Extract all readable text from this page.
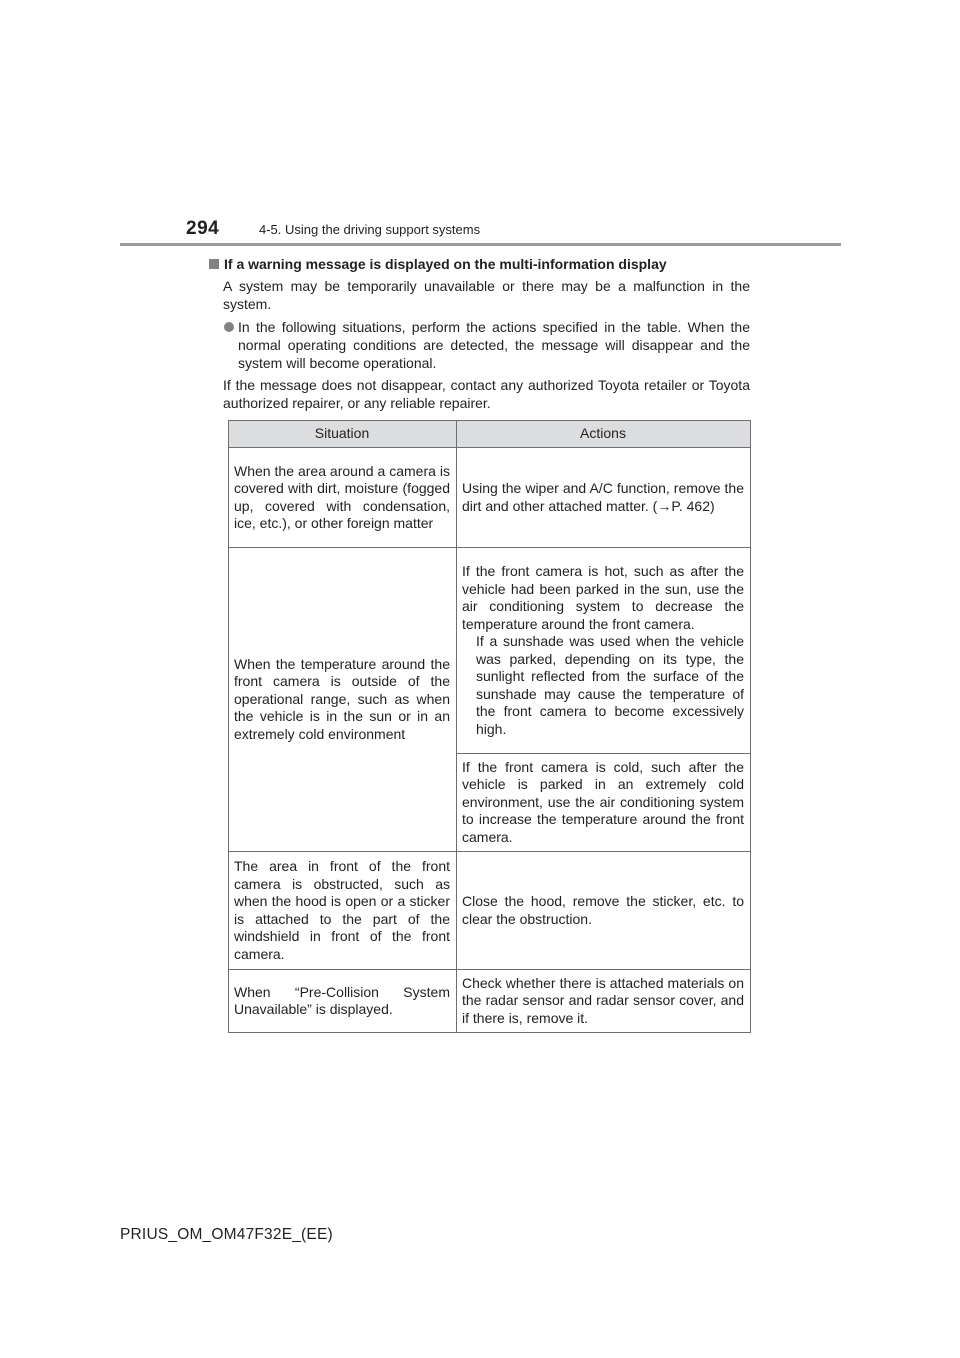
294	4-5. Using the driving support systems
If a warning message is displayed on the multi-information display
A system may be temporarily unavailable or there may be a malfunction in the system.
In the following situations, perform the actions specified in the table. When the normal operating conditions are detected, the message will disappear and the system will become operational.
If the message does not disappear, contact any authorized Toyota retailer or Toyota authorized repairer, or any reliable repairer.
Situation	Actions
When the area around a camera is covered with dirt, moisture (fogged up, covered with condensation, ice, etc.), or other foreign matter	Using the wiper and A/C function, remove the dirt and other attached matter. (→P. 462)
When the temperature around the front camera is outside of the operational range, such as when the vehicle is in the sun or in an extremely cold environment	If the front camera is hot, such as after the vehicle had been parked in the sun, use the air conditioning system to decrease the temperature around the front camera.
If a sunshade was used when the vehicle was parked, depending on its type, the sunlight reflected from the surface of the sunshade may cause the temperature of the front camera to become excessively high.

	If the front camera is cold, such after the vehicle is parked in an extremely cold environment, use the air conditioning system to increase the temperature around the front camera.
The area in front of the front camera is obstructed, such as when the hood is open or a sticker is attached to the part of the windshield in front of the front camera.	Close the hood, remove the sticker, etc. to clear the obstruction.
When “Pre-Collision System Unavailable” is displayed.	Check whether there is attached materials on the radar sensor and radar sensor cover, and if there is, remove it.
PRIUS_OM_OM47F32E_(EE)
